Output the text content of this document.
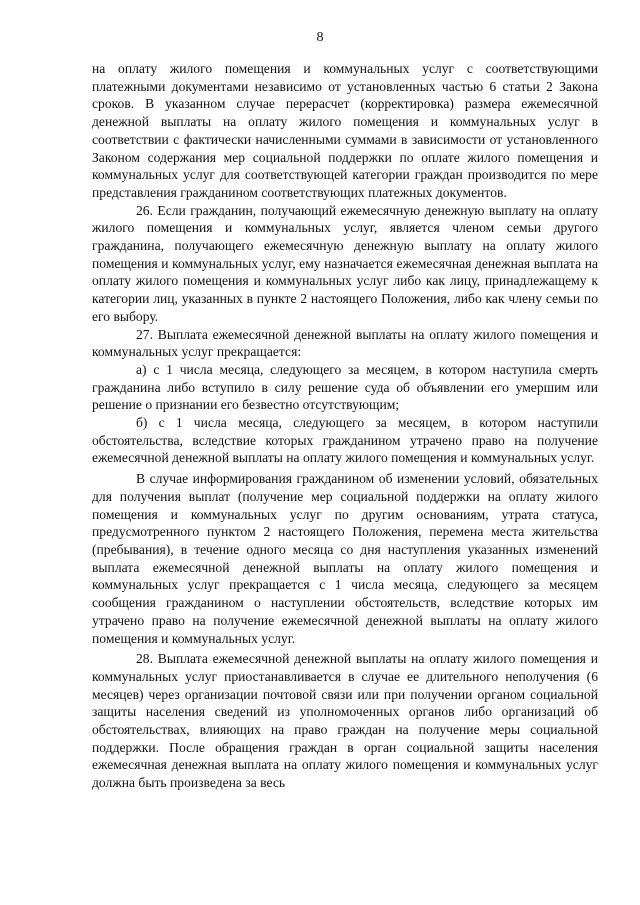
8

на оплату жилого помещения и коммунальных услуг с соответствующими платежными документами независимо от установленных частью 6 статьи 2 Закона сроков. В указанном случае перерасчет (корректировка) размера ежемесячной денежной выплаты на оплату жилого помещения и коммунальных услуг в соответствии с фактически начисленными суммами в зависимости от установленного Законом содержания мер социальной поддержки по оплате жилого помещения и коммунальных услуг для соответствующей категории граждан производится по мере представления гражданином соответствующих платежных документов.

26. Если гражданин, получающий ежемесячную денежную выплату на оплату жилого помещения и коммунальных услуг, является членом семьи другого гражданина, получающего ежемесячную денежную выплату на оплату жилого помещения и коммунальных услуг, ему назначается ежемесячная денежная выплата на оплату жилого помещения и коммунальных услуг либо как лицу, принадлежащему к категории лиц, указанных в пункте 2 настоящего Положения, либо как члену семьи по его выбору.

27. Выплата ежемесячной денежной выплаты на оплату жилого помещения и коммунальных услуг прекращается:

а) с 1 числа месяца, следующего за месяцем, в котором наступила смерть гражданина либо вступило в силу решение суда об объявлении его умершим или решение о признании его безвестно отсутствующим;

б) с 1 числа месяца, следующего за месяцем, в котором наступили обстоятельства, вследствие которых гражданином утрачено право на получение ежемесячной денежной выплаты на оплату жилого помещения и коммунальных услуг.

В случае информирования гражданином об изменении условий, обязательных для получения выплат (получение мер социальной поддержки на оплату жилого помещения и коммунальных услуг по другим основаниям, утрата статуса, предусмотренного пунктом 2 настоящего Положения, перемена места жительства (пребывания), в течение одного месяца со дня наступления указанных изменений выплата ежемесячной денежной выплаты на оплату жилого помещения и коммунальных услуг прекращается с 1 числа месяца, следующего за месяцем сообщения гражданином о наступлении обстоятельств, вследствие которых им утрачено право на получение ежемесячной денежной выплаты на оплату жилого помещения и коммунальных услуг.

28. Выплата ежемесячной денежной выплаты на оплату жилого помещения и коммунальных услуг приостанавливается в случае ее длительного неполучения (6 месяцев) через организации почтовой связи или при получении органом социальной защиты населения сведений из уполномоченных органов либо организаций об обстоятельствах, влияющих на право граждан на получение меры социальной поддержки. После обращения граждан в орган социальной защиты населения ежемесячная денежная выплата на оплату жилого помещения и коммунальных услуг должна быть произведена за весь
